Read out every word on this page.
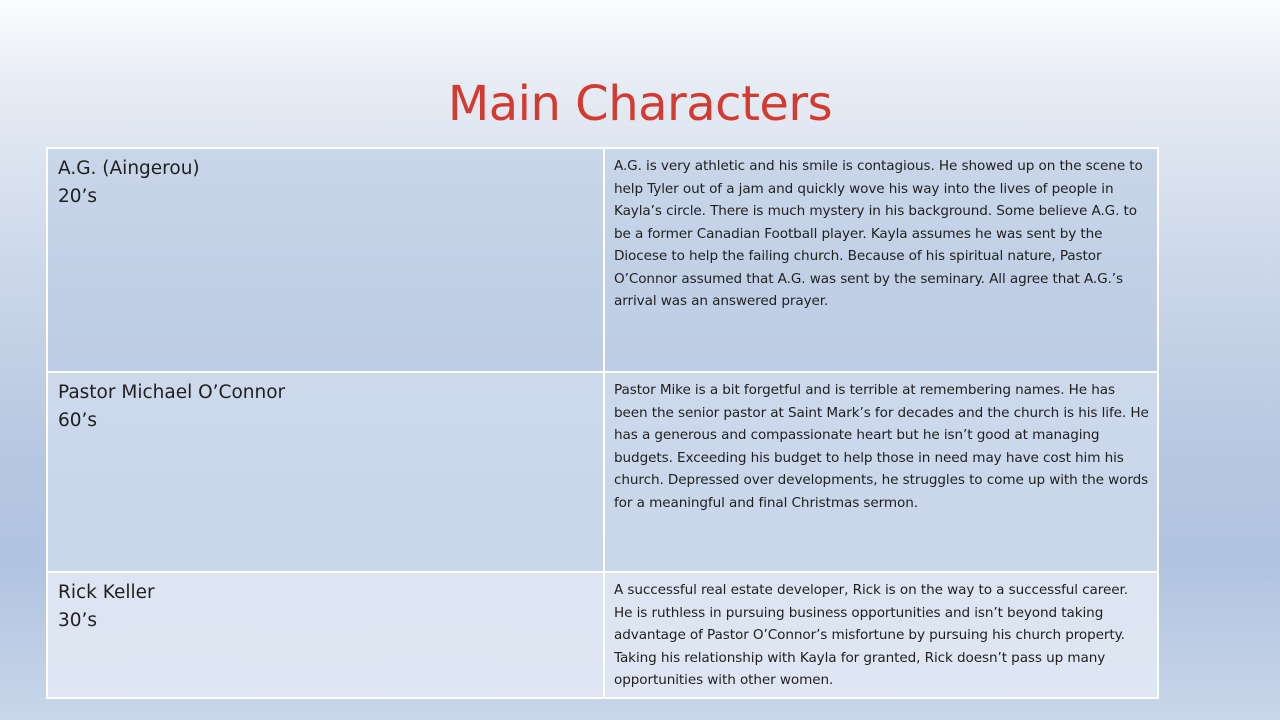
Main Characters
A.G. (Aingerou)
20’s	A.G. is very athletic and his smile is contagious. He showed up on the scene to help Tyler out of a jam and quickly wove his way into the lives of people in Kayla’s circle. There is much mystery in his background. Some believe A.G. to be a former Canadian Football player. Kayla assumes he was sent by the Diocese to help the failing church. Because of his spiritual nature, Pastor O’Connor assumed that A.G. was sent by the seminary. All agree that A.G.’s arrival was an answered prayer.

Pastor Michael O’Connor
60’s	Pastor Mike is a bit forgetful and is terrible at remembering names. He has been the senior pastor at Saint Mark’s for decades and the church is his life. He has a generous and compassionate heart but he isn’t good at managing budgets. Exceeding his budget to help those in need may have cost him his church. Depressed over developments, he struggles to come up with the words for a meaningful and final Christmas sermon.

Rick Keller
30’s	A successful real estate developer, Rick is on the way to a successful career. He is ruthless in pursuing business opportunities and isn’t beyond taking advantage of Pastor O’Connor’s misfortune by pursuing his church property. Taking his relationship with Kayla for granted, Rick doesn’t pass up many opportunities with other women.
